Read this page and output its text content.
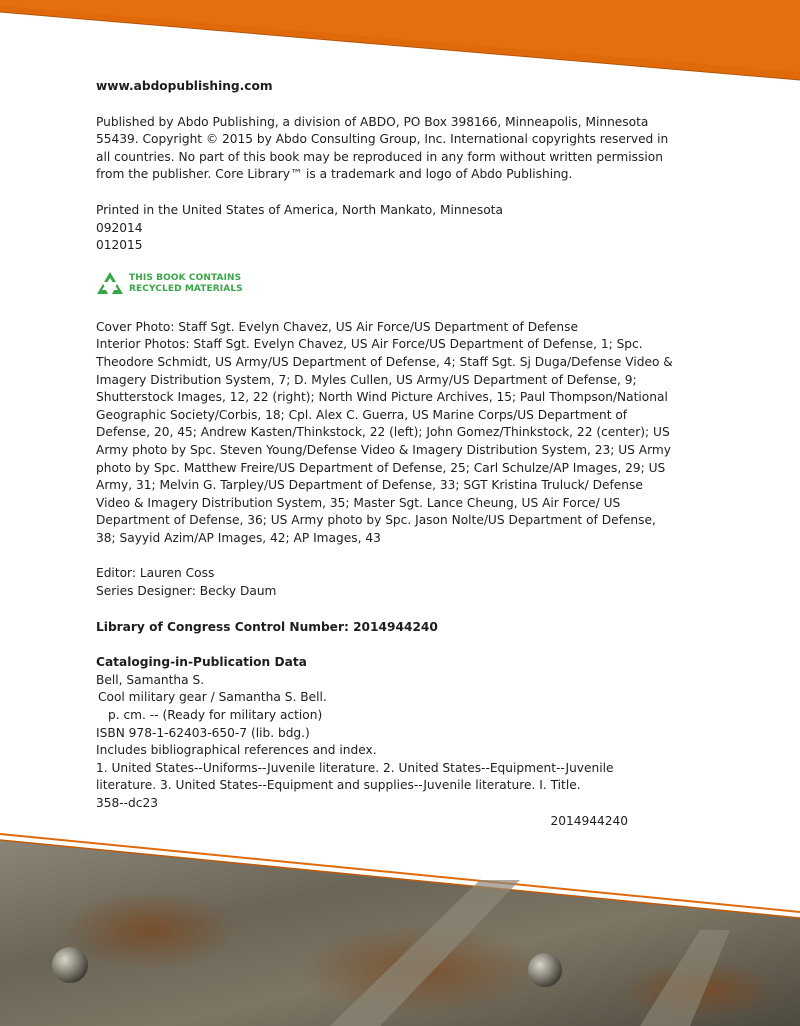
www.abdopublishing.com

Published by Abdo Publishing, a division of ABDO, PO Box 398166, Minneapolis, Minnesota 55439. Copyright © 2015 by Abdo Consulting Group, Inc. International copyrights reserved in all countries. No part of this book may be reproduced in any form without written permission from the publisher. Core Library™ is a trademark and logo of Abdo Publishing.

Printed in the United States of America, North Mankato, Minnesota

092014

012015

THIS BOOK CONTAINS
RECYCLED MATERIALS

Cover Photo: Staff Sgt. Evelyn Chavez, US Air Force/US Department of Defense

Interior Photos: Staff Sgt. Evelyn Chavez, US Air Force/US Department of Defense, 1; Spc. Theodore Schmidt, US Army/US Department of Defense, 4; Staff Sgt. Sj Duga/Defense Video & Imagery Distribution System, 7; D. Myles Cullen, US Army/US Department of Defense, 9; Shutterstock Images, 12, 22 (right); North Wind Picture Archives, 15; Paul Thompson/National Geographic Society/Corbis, 18; Cpl. Alex C. Guerra, US Marine Corps/US Department of Defense, 20, 45; Andrew Kasten/Thinkstock, 22 (left); John Gomez/Thinkstock, 22 (center); US Army photo by Spc. Steven Young/Defense Video & Imagery Distribution System, 23; US Army photo by Spc. Matthew Freire/US Department of Defense, 25; Carl Schulze/AP Images, 29; US Army, 31; Melvin G. Tarpley/US Department of Defense, 33; SGT Kristina Truluck/ Defense Video & Imagery Distribution System, 35; Master Sgt. Lance Cheung, US Air Force/ US Department of Defense, 36; US Army photo by Spc. Jason Nolte/US Department of Defense, 38; Sayyid Azim/AP Images, 42; AP Images, 43

Editor: Lauren Coss

Series Designer: Becky Daum

Library of Congress Control Number: 2014944240

Cataloging-in-Publication Data

Bell, Samantha S.

Cool military gear / Samantha S. Bell.

p. cm. -- (Ready for military action)

ISBN 978-1-62403-650-7 (lib. bdg.)

Includes bibliographical references and index.

1. United States--Uniforms--Juvenile literature. 2. United States--Equipment--Juvenile literature. 3. United States--Equipment and supplies--Juvenile literature. I. Title.

358--dc23

2014944240
